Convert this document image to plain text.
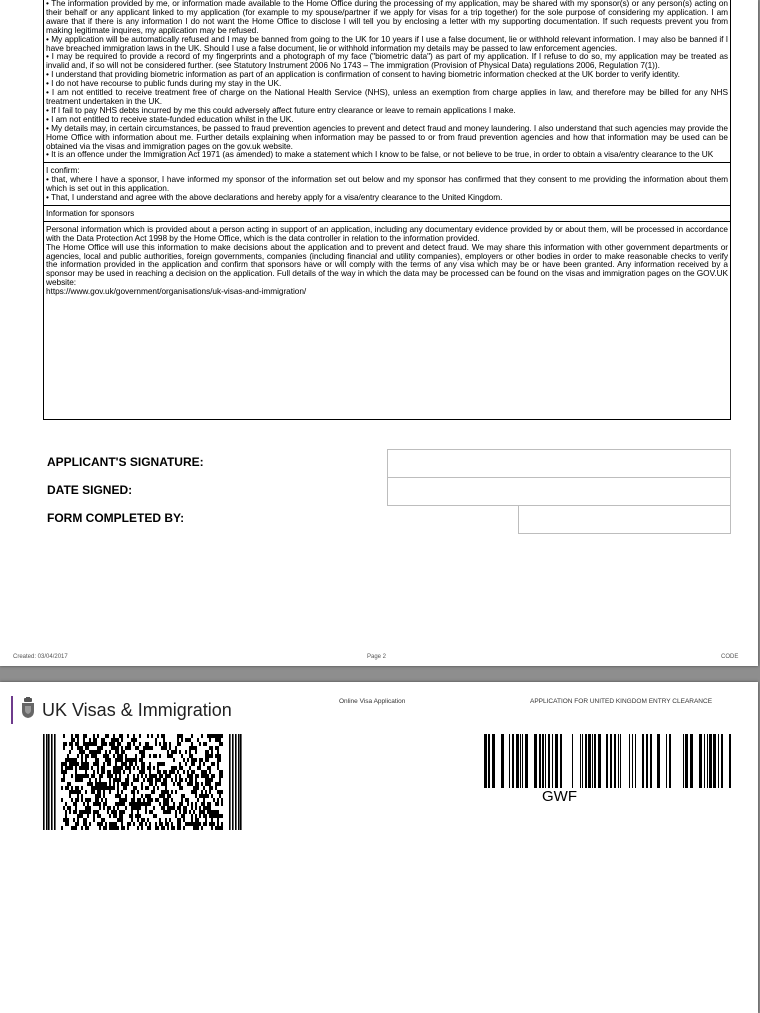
• The information provided by me, or information made available to the Home Office during the processing of my application, may be shared with my sponsor(s) or any person(s) acting on their behalf or any applicant linked to my application (for example to my spouse/partner if we apply for visas for a trip together) for the sole purpose of considering my application. I am aware that if there is any information I do not want the Home Office to disclose I will tell you by enclosing a letter with my supporting documentation. If such requests prevent you from making legitimate inquires, my application may be refused.

• My application will be automatically refused and I may be banned from going to the UK for 10 years if I use a false document, lie or withhold relevant information. I may also be banned if I have breached immigration laws in the UK. Should I use a false document, lie or withhold information my details may be passed to law enforcement agencies.

• I may be required to provide a record of my fingerprints and a photograph of my face ("biometric data") as part of my application. If I refuse to do so, my application may be treated as invalid and, if so will not be considered further. (see Statutory Instrument 2006 No 1743 – The immigration (Provision of Physical Data) regulations 2006, Regulation 7(1)).

• I understand that providing biometric information as part of an application is confirmation of consent to having biometric information checked at the UK border to verify identity.

• I do not have recourse to public funds during my stay in the UK.

• I am not entitled to receive treatment free of charge on the National Health Service (NHS), unless an exemption from charge applies in law, and therefore may be billed for any NHS treatment undertaken in the UK.

• If I fail to pay NHS debts incurred by me this could adversely affect future entry clearance or leave to remain applications I make.

• I am not entitled to receive state-funded education whilst in the UK.

• My details may, in certain circumstances, be passed to fraud prevention agencies to prevent and detect fraud and money laundering. I also understand that such agencies may provide the Home Office with information about me. Further details explaining when information may be passed to or from fraud prevention agencies and how that information may be used can be obtained via the visas and immigration pages on the gov.uk website.

• It is an offence under the Immigration Act 1971 (as amended) to make a statement which I know to be false, or not believe to be true, in order to obtain a visa/entry clearance to the UK

I confirm:

• that, where I have a sponsor, I have informed my sponsor of the information set out below and my sponsor has confirmed that they consent to me providing the information about them which is set out in this application.

• That, I understand and agree with the above declarations and hereby apply for a visa/entry clearance to the United Kingdom.

Information for sponsors

Personal information which is provided about a person acting in support of an application, including any documentary evidence provided by or about them, will be processed in accordance with the Data Protection Act 1998 by the Home Office, which is the data controller in relation to the information provided.

The Home Office will use this information to make decisions about the application and to prevent and detect fraud. We may share this information with other government departments or agencies, local and public authorities, foreign governments, companies (including financial and utility companies), employers or other bodies in order to make reasonable checks to verify the information provided in the application and confirm that sponsors have or will comply with the terms of any visa which may be or have been granted. Any information received by a sponsor may be used in reaching a decision on the application. Full details of the way in which the data may be processed can be found on the visas and immigration pages on the GOV.UK website:

https://www.gov.uk/government/organisations/uk-visas-and-immigration/

APPLICANT'S SIGNATURE:
DATE SIGNED:
FORM COMPLETED BY:
Created: 03/04/2017	Page 2	CODE
UK Visas & Immigration	Online Visa Application	APPLICATION FOR UNITED KINGDOM ENTRY CLEARANCE
GWF
